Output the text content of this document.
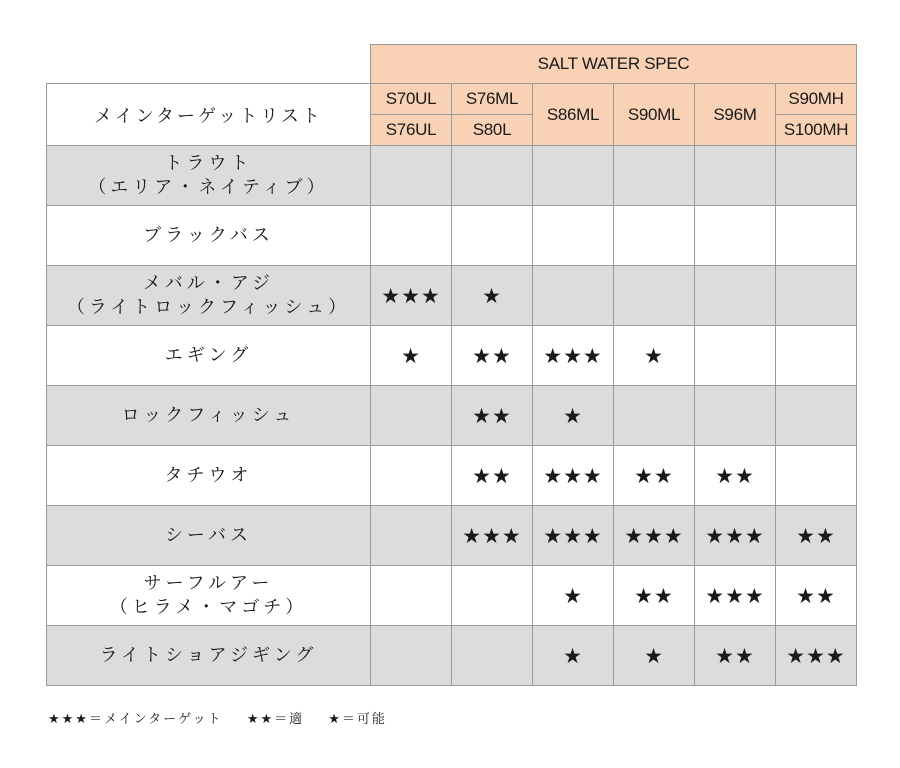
	SALT WATER SPEC					
メインターゲットリスト	S70UL	S76ML	S86ML	S90ML	S96M	S90MH
	S76UL	S80L				S100MH

トラウト
（エリア・ネイティブ）						

ブラックバス						

メバル・アジ
（ライトロックフィッシュ）	★★★	★				

エギング	★	★★	★★★	★		

ロックフィッシュ		★★	★			

タチウオ		★★	★★★	★★	★★	

シーバス		★★★	★★★	★★★	★★★	★★

サーフルアー
（ヒラメ・マゴチ）			★	★★	★★★	★★

ライトショアジギング			★	★	★★	★★★
★★★＝メインターゲット ★★＝適 ★＝可能
